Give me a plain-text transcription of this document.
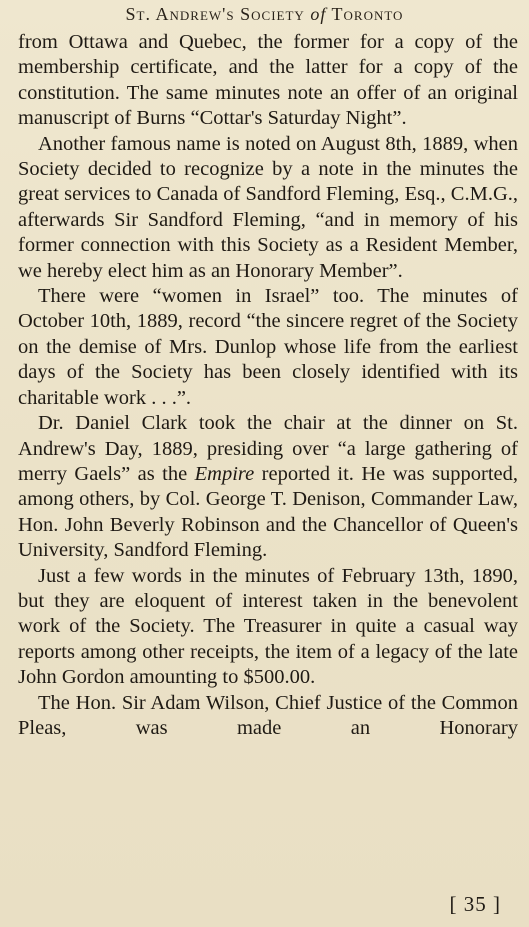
St. Andrew's Society of Toronto

from Ottawa and Quebec, the former for a copy of the membership certificate, and the latter for a copy of the constitution. The same minutes note an offer of an original manuscript of Burns “Cottar's Saturday Night”.

Another famous name is noted on August 8th, 1889, when Society decided to recognize by a note in the minutes the great services to Canada of Sandford Fleming, Esq., C.M.G., afterwards Sir Sandford Fleming, “and in memory of his former connection with this Society as a Resident Member, we hereby elect him as an Honorary Member”.

There were “women in Israel” too. The minutes of October 10th, 1889, record “the sincere regret of the Society on the demise of Mrs. Dunlop whose life from the earliest days of the Society has been closely identified with its charitable work . . .”.

Dr. Daniel Clark took the chair at the dinner on St. Andrew's Day, 1889, presiding over “a large gathering of merry Gaels” as the Empire reported it. He was supported, among others, by Col. George T. Denison, Commander Law, Hon. John Beverly Robinson and the Chancellor of Queen's University, Sandford Fleming.

Just a few words in the minutes of February 13th, 1890, but they are eloquent of interest taken in the benevolent work of the Society. The Treasurer in quite a casual way reports among other receipts, the item of a legacy of the late John Gordon amounting to $500.00.

The Hon. Sir Adam Wilson, Chief Justice of the Common Pleas, was made an Honorary

[ 35 ]
